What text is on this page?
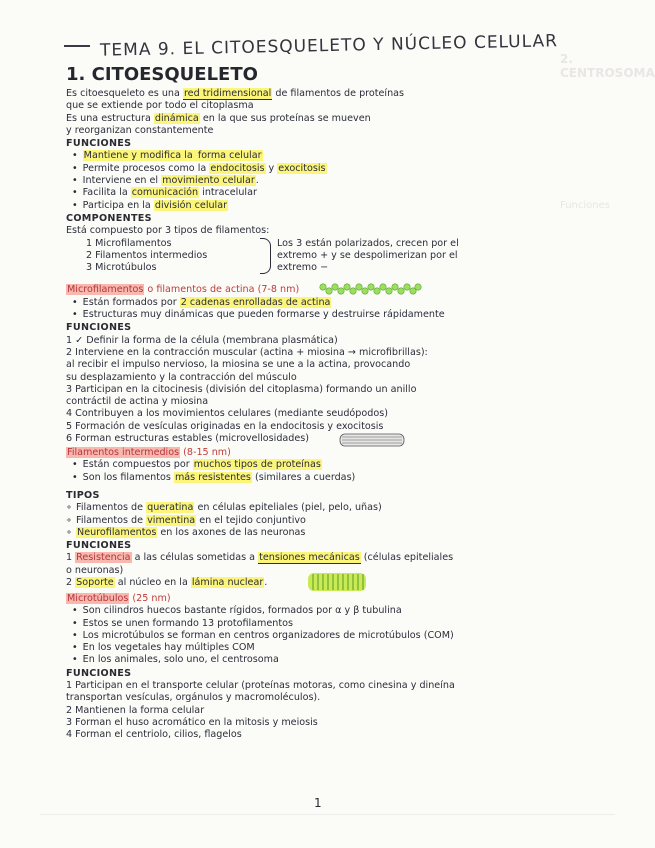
2. CENTROSOMA
Funciones
TEMA 9. EL CITOESQUELETO Y NÚCLEO CELULAR
1. CITOESQUELETO
Es citoesqueleto es una red tridimensional de filamentos de proteínas
que se extiende por todo el citoplasma
Es una estructura dinámica en la que sus proteínas se mueven
y reorganizan constantemente
FUNCIONES
• Mantiene y modifica la forma celular
• Permite procesos como la endocitosis y exocitosis
• Interviene en el movimiento celular.
• Facilita la comunicación intracelular
• Participa en la división celular
COMPONENTES
Está compuesto por 3 tipos de filamentos:
1 Microfilamentos
2 Filamentos intermedios
3 Microtúbulos
Los 3 están polarizados, crecen por el
extremo + y se despolimerizan por el
extremo −
Microfilamentos o filamentos de actina (7-8 nm)
• Están formados por 2 cadenas enrolladas de actina
• Estructuras muy dinámicas que pueden formarse y destruirse rápidamente
FUNCIONES
1 ✓ Definir la forma de la célula (membrana plasmática)
2 Interviene en la contracción muscular (actina + miosina → microfibrillas):
al recibir el impulso nervioso, la miosina se une a la actina, provocando
su desplazamiento y la contracción del músculo
3 Participan en la citocinesis (división del citoplasma) formando un anillo
contráctil de actina y miosina
4 Contribuyen a los movimientos celulares (mediante seudópodos)
5 Formación de vesículas originadas en la endocitosis y exocitosis
6 Forman estructuras estables (microvellosidades)
Filamentos intermedios (8-15 nm)
• Están compuestos por muchos tipos de proteínas
• Son los filamentos más resistentes (similares a cuerdas)
TIPOS
∘ Filamentos de queratina en células epiteliales (piel, pelo, uñas)
∘ Filamentos de vimentina en el tejido conjuntivo
∘ Neurofilamentos en los axones de las neuronas
FUNCIONES
1 Resistencia a las células sometidas a tensiones mecánicas (células epiteliales
o neuronas)
2 Soporte al núcleo en la lámina nuclear.
Microtúbulos (25 nm)
• Son cilindros huecos bastante rígidos, formados por α y β tubulina
• Estos se unen formando 13 protofilamentos
• Los microtúbulos se forman en centros organizadores de microtúbulos (COM)
• En los vegetales hay múltiples COM
• En los animales, solo uno, el centrosoma
FUNCIONES
1 Participan en el transporte celular (proteínas motoras, como cinesina y dineína
transportan vesículas, orgánulos y macromoléculos).
2 Mantienen la forma celular
3 Forman el huso acromático en la mitosis y meiosis
4 Forman el centriolo, cilios, flagelos
1
